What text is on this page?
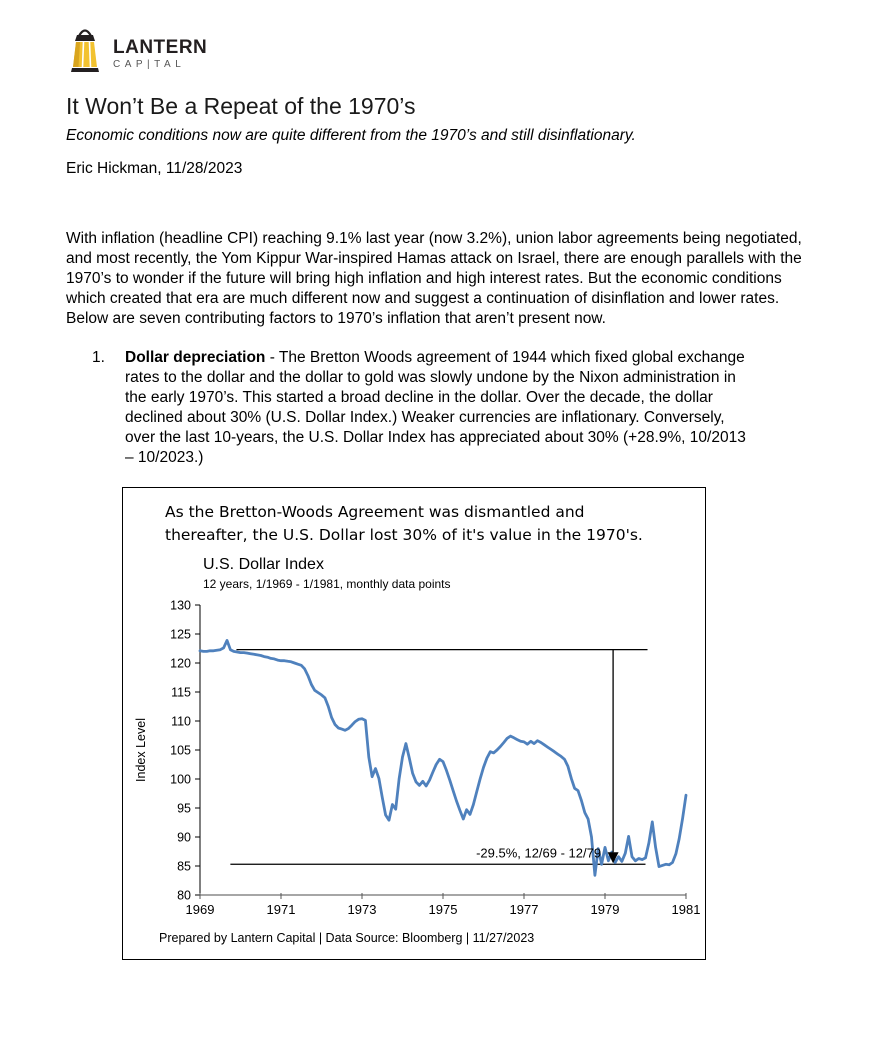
LANTERN
CAP|TAL
It Won’t Be a Repeat of the 1970’s
Economic conditions now are quite different from the 1970’s and still disinflationary.
Eric Hickman, 11/28/2023
With inflation (headline CPI) reaching 9.1% last year (now 3.2%), union labor agreements being negotiated, and most recently, the Yom Kippur War-inspired Hamas attack on Israel, there are enough parallels with the 1970’s to wonder if the future will bring high inflation and high interest rates. But the economic conditions which created that era are much different now and suggest a continuation of disinflation and lower rates. Below are seven contributing factors to 1970’s inflation that aren’t present now.
1.	Dollar depreciation - The Bretton Woods agreement of 1944 which fixed global exchange rates to the dollar and the dollar to gold was slowly undone by the Nixon administration in the early 1970’s. This started a broad decline in the dollar. Over the decade, the dollar declined about 30% (U.S. Dollar Index.) Weaker currencies are inflationary. Conversely, over the last 10-years, the U.S. Dollar Index has appreciated about 30% (+28.9%, 10/2013 – 10/2023.)
As the Bretton-Woods Agreement was dismantled and
thereafter, the U.S. Dollar lost 30% of it's value in the 1970's.
U.S. Dollar Index
12 years, 1/1969 - 1/1981, monthly data points
130
125
120
115
110
105
100
95
90
85
80
1969	1971	1973	1975	1977	1979	1981
Index Level
-29.5%, 12/69 - 12/79
Prepared by Lantern Capital | Data Source: Bloomberg | 11/27/2023
